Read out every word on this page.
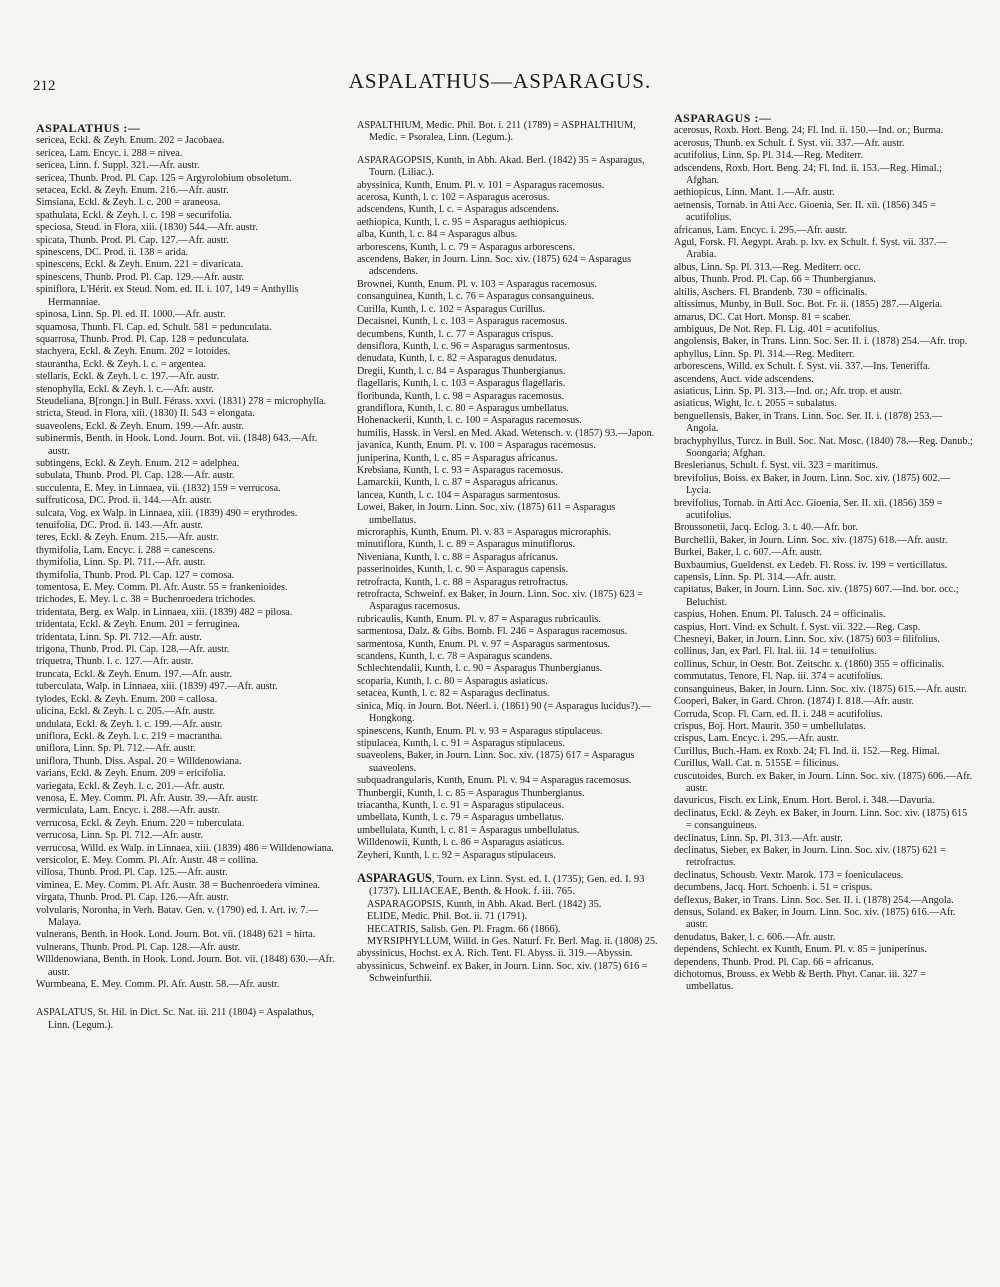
212	ASPALATHUS—ASPARAGUS.
ASPALATHUS :—
sericea, Eckl. & Zeyh. Enum. 202 = Jacobaea.
sericea, Lam. Encyc. i. 288 = nivea.
sericea, Linn. f. Suppl. 321.—Afr. austr.
sericea, Thunb. Prod. Pl. Cap. 125 = Argyrolobium obsoletum.
setacea, Eckl. & Zeyh. Enum. 216.—Afr. austr.
Simsiana, Eckl. & Zeyh. l. c. 200 = araneosa.
spathulata, Eckl. & Zeyh. l. c. 198 = securifolia.
speciosa, Steud. in Flora, xiii. (1830) 544.—Afr. austr.
spicata, Thunb. Prod. Pl. Cap. 127.—Afr. austr.
spinescens, DC. Prod. ii. 138 = arida.
spinescens, Eckl. & Zeyh. Enum. 221 = divaricata.
spinescens, Thunb. Prod. Pl. Cap. 129.—Afr. austr.
spiniflora, L'Hérit. ex Steud. Nom. ed. II. i. 107, 149 = Anthyllis Hermanniae.
spinosa, Linn. Sp. Pl. ed. II. 1000.—Afr. austr.
squamosa, Thunb. Fl. Cap. ed. Schult. 581 = pedunculata.
squarrosa, Thunb. Prod. Pl. Cap. 128 = pedunculata.
stachyera, Eckl. & Zeyh. Enum. 202 = lotoides.
staurantha, Eckl. & Zeyh. l. c. = argentea.
stellaris, Eckl. & Zeyh. l. c. 197.—Afr. austr.
stenophylla, Eckl. & Zeyh. l. c.—Afr. austr.
Steudeliana, B[rongn.] in Bull. Férass. xxvi. (1831) 278 = microphylla.
stricta, Steud. in Flora, xiii. (1830) II. 543 = elongata.
suaveolens, Eckl. & Zeyh. Enum. 199.—Afr. austr.
subinermis, Benth. in Hook. Lond. Journ. Bot. vii. (1848) 643.—Afr. austr.
subtingens, Eckl. & Zeyh. Enum. 212 = adelphea.
subulata, Thunb. Prod. Pl. Cap. 128.—Afr. austr.
succulenta, E. Mey. in Linnaea, vii. (1832) 159 = verrucosa.
suffruticosa, DC. Prod. ii. 144.—Afr. austr.
sulcata, Vog. ex Walp. in Linnaea, xiii. (1839) 490 = erythrodes.
tenuifolia, DC. Prod. ii. 143.—Afr. austr.
teres, Eckl. & Zeyh. Enum. 215.—Afr. austr.
thymifolia, Lam. Encyc. i. 288 = canescens.
thymifolia, Linn. Sp. Pl. 711.—Afr. austr.
thymifolia, Thunb. Prod. Pl. Cap. 127 = comosa.
tomentosa, E. Mey. Comm. Pl. Afr. Austr. 55 = frankenioides.
trichodes, E. Mey. l. c. 38 = Buchenroedera trichodes.
tridentata, Berg. ex Walp. in Linnaea, xiii. (1839) 482 = pilosa.
tridentata, Eckl. & Zeyh. Enum. 201 = ferruginea.
tridentata, Linn. Sp. Pl. 712.—Afr. austr.
trigona, Thunb. Prod. Pl. Cap. 128.—Afr. austr.
triquetra, Thunb. l. c. 127.—Afr. austr.
truncata, Eckl. & Zeyh. Enum. 197.—Afr. austr.
tuberculata, Walp. in Linnaea, xiii. (1839) 497.—Afr. austr.
tylodes, Eckl. & Zeyh. Enum. 200 = callosa.
ulicina, Eckl. & Zeyh. l. c. 205.—Afr. austr.
undulata, Eckl. & Zeyh. l. c. 199.—Afr. austr.
uniflora, Eckl. & Zeyh. l. c. 219 = macrantha.
uniflora, Linn. Sp. Pl. 712.—Afr. austr.
uniflora, Thunb. Diss. Aspal. 20 = Willdenowiana.
varians, Eckl. & Zeyh. Enum. 209 = ericifolia.
variegata, Eckl. & Zeyh. l. c. 201.—Afr. austr.
venosa, E. Mey. Comm. Pl. Afr. Austr. 39.—Afr. austr.
vermiculata, Lam. Encyc. i. 288.—Afr. austr.
verrucosa, Eckl. & Zeyh. Enum. 220 = tuberculata.
verrucosa, Linn. Sp. Pl. 712.—Afr. austr.
verrucosa, Willd. ex Walp. in Linnaea, xiii. (1839) 486 = Willdenowiana.
versicolor, E. Mey. Comm. Pl. Afr. Austr. 48 = collina.
villosa, Thunb. Prod. Pl. Cap. 125.—Afr. austr.
viminea, E. Mey. Comm. Pl. Afr. Austr. 38 = Buchenroedera viminea.
virgata, Thunb. Prod. Pl. Cap. 126.—Afr. austr.
volvularis, Noronha, in Verh. Batav. Gen. v. (1790) ed. I. Art. iv. 7.—Malaya.
vulnerans, Benth. in Hook. Lond. Journ. Bot. vii. (1848) 621 = hirta.
vulnerans, Thunb. Prod. Pl. Cap. 128.—Afr. austr.
Willdenowiana, Benth. in Hook. Lond. Journ. Bot. vii. (1848) 630.—Afr. austr.
Wurmbeana, E. Mey. Comm. Pl. Afr. Austr. 58.—Afr. austr.
ASPALATUS, St. Hil. in Dict. Sc. Nat. iii. 211 (1804) = Aspalathus, Linn. (Legum.).
ASPALTHIUM, Medic. Phil. Bot. i. 211 (1789) = ASPHALTHIUM, Medic. = Psoralea, Linn. (Legum.).
ASPARAGOPSIS, Kunth, in Abh. Akad. Berl. (1842) 35 = Asparagus, Tourn. (Liliac.).
abyssinica, Kunth, Enum. Pl. v. 101 = Asparagus racemosus.
acerosa, Kunth, l. c. 102 = Asparagus acerosus.
adscendens, Kunth, l. c. = Asparagus adscendens.
aethiopica, Kunth, l. c. 95 = Asparagus aethiopicus.
alba, Kunth, l. c. 84 = Asparagus albus.
arborescens, Kunth, l. c. 79 = Asparagus arborescens.
ascendens, Baker, in Journ. Linn. Soc. xiv. (1875) 624 = Asparagus adscendens.
Brownei, Kunth, Enum. Pl. v. 103 = Asparagus racemosus.
consanguinea, Kunth, l. c. 76 = Asparagus consanguineus.
Curilla, Kunth, l. c. 102 = Asparagus Curillus.
Decaisnei, Kunth, l. c. 103 = Asparagus racemosus.
decumbens, Kunth, l. c. 77 = Asparagus crispus.
densiflora, Kunth, l. c. 96 = Asparagus sarmentosus.
denudata, Kunth, l. c. 82 = Asparagus denudatus.
Dregii, Kunth, l. c. 84 = Asparagus Thunbergianus.
flagellaris, Kunth, l. c. 103 = Asparagus flagellaris.
floribunda, Kunth, l. c. 98 = Asparagus racemosus.
grandiflora, Kunth, l. c. 80 = Asparagus umbellatus.
Hohenackerii, Kunth, l. c. 100 = Asparagus racemosus.
humilis, Hassk. in Versl. en Med. Akad. Wetensch. v. (1857) 93.—Japon.
javanica, Kunth, Enum. Pl. v. 100 = Asparagus racemosus.
juniperina, Kunth, l. c. 85 = Asparagus africanus.
Krebsiana, Kunth, l. c. 93 = Asparagus racemosus.
Lamarckii, Kunth, l. c. 87 = Asparagus africanus.
lancea, Kunth, l. c. 104 = Asparagus sarmentosus.
Lowei, Baker, in Journ. Linn. Soc. xiv. (1875) 611 = Asparagus umbellatus.
microraphis, Kunth, Enum. Pl. v. 83 = Asparagus microraphis.
minutiflora, Kunth, l. c. 89 = Asparagus minutiflorus.
Niveniana, Kunth, l. c. 88 = Asparagus africanus.
passerinoides, Kunth, l. c. 90 = Asparagus capensis.
retrofracta, Kunth, l. c. 88 = Asparagus retrofractus.
retrofracta, Schweinf. ex Baker, in Journ. Linn. Soc. xiv. (1875) 623 = Asparagus racemosus.
rubricaulis, Kunth, Enum. Pl. v. 87 = Asparagus rubricaulis.
sarmentosa, Dalz. & Gibs. Bomb. Fl. 246 = Asparagus racemosus.
sarmentosa, Kunth, Enum. Pl. v. 97 = Asparagus sarmentosus.
scandens, Kunth, l. c. 78 = Asparagus scandens.
Schlechtendalii, Kunth, l. c. 90 = Asparagus Thunbergianus.
scoparia, Kunth, l. c. 80 = Asparagus asiaticus.
setacea, Kunth, l. c. 82 = Asparagus declinatus.
sinica, Miq. in Journ. Bot. Néerl. i. (1861) 90 (= Asparagus lucidus?).—Hongkong.
spinescens, Kunth, Enum. Pl. v. 93 = Asparagus stipulaceus.
stipulacea, Kunth, l. c. 91 = Asparagus stipulaceus.
suaveolens, Baker, in Journ. Linn. Soc. xiv. (1875) 617 = Asparagus suaveolens.
subquadrangularis, Kunth, Enum. Pl. v. 94 = Asparagus racemosus.
Thunbergii, Kunth, l. c. 85 = Asparagus Thunbergianus.
triacantha, Kunth, l. c. 91 = Asparagus stipulaceus.
umbellata, Kunth, l. c. 79 = Asparagus umbellatus.
umbellulata, Kunth, l. c. 81 = Asparagus umbellulatus.
Willdenowii, Kunth, l. c. 86 = Asparagus asiaticus.
Zeyheri, Kunth, l. c. 92 = Asparagus stipulaceus.
ASPARAGUS, Tourn. ex Linn. Syst. ed. I. (1735); Gen. ed. I. 93 (1737). LILIACEAE, Benth. & Hook. f. iii. 765.
ASPARAGOPSIS, Kunth, in Abh. Akad. Berl. (1842) 35.
ELIDE, Medic. Phil. Bot. ii. 71 (1791).
HECATRIS, Salisb. Gen. Pl. Fragm. 66 (1866).
MYRSIPHYLLUM, Willd. in Ges. Naturf. Fr. Berl. Mag. ii. (1808) 25.
abyssinicus, Hochst. ex A. Rich. Tent. Fl. Abyss. ii. 319.—Abyssin.
abyssinicus, Schweinf. ex Baker, in Journ. Linn. Soc. xiv. (1875) 616 = Schweinfurthii.
ASPARAGUS :—
acerosus, Roxb. Hort. Beng. 24; Fl. Ind. ii. 150.—Ind. or.; Burma.
acerosus, Thunb. ex Schult. f. Syst. vii. 337.—Afr. austr.
acutifolius, Linn. Sp. Pl. 314.—Reg. Mediterr.
adscendens, Roxb. Hort. Beng. 24; Fl. Ind. ii. 153.—Reg. Himal.; Afghan.
aethiopicus, Linn. Mant. 1.—Afr. austr.
aetnensis, Tornab. in Atti Acc. Gioenia, Ser. II. xii. (1856) 345 = acutifolius.
africanus, Lam. Encyc. i. 295.—Afr. austr.
Agul, Forsk. Fl. Aegypt. Arab. p. lxv. ex Schult. f. Syst. vii. 337.—Arabia.
albus, Linn. Sp. Pl. 313.—Reg. Mediterr. occ.
albus, Thunb. Prod. Pl. Cap. 66 = Thunbergianus.
altilis, Aschers. Fl. Brandenb. 730 = officinalis.
altissimus, Munby, in Bull. Soc. Bot. Fr. ii. (1855) 287.—Algeria.
amarus, DC. Cat Hort. Monsp. 81 = scaber.
ambiguus, De Not. Rep. Fl. Lig. 401 = acutifolius.
angolensis, Baker, in Trans. Linn. Soc. Ser. II. i. (1878) 254.—Afr. trop.
aphyllus, Linn. Sp. Pl. 314.—Reg. Mediterr.
arborescens, Willd. ex Schult. f. Syst. vii. 337.—Ins. Teneriffa.
ascendens, Auct. vide adscendens.
asiaticus, Linn. Sp. Pl. 313.—Ind. or.; Afr. trop. et austr.
asiaticus, Wight, Ic. t. 2055 = subalatus.
benguellensis, Baker, in Trans. Linn. Soc. Ser. II. i. (1878) 253.—Angola.
brachyphyllus, Turcz. in Bull. Soc. Nat. Mosc. (1840) 78.—Reg. Danub.; Soongaria; Afghan.
Breslerianus, Schult. f. Syst. vii. 323 = maritimus.
brevifolius, Boiss. ex Baker, in Journ. Linn. Soc. xiv. (1875) 602.—Lycia.
brevifolius, Tornab. in Atti Acc. Gioenia, Ser. II. xii. (1856) 359 = acutifolius.
Broussonetii, Jacq. Eclog. 3. t. 40.—Afr. bor.
Burchellii, Baker, in Journ. Linn. Soc. xiv. (1875) 618.—Afr. austr.
Burkei, Baker, l. c. 607.—Afr. austr.
Buxbaumius, Gueldenst. ex Ledeb. Fl. Ross. iv. 199 = verticillatus.
capensis, Linn. Sp. Pl. 314.—Afr. austr.
capitatus, Baker, in Journ. Linn. Soc. xiv. (1875) 607.—Ind. bor. occ.; Beluchist.
caspius, Hohen. Enum. Pl. Talusch. 24 = officinalis.
caspius, Hort. Vind. ex Schult. f. Syst. vii. 322.—Reg. Casp.
Chesneyi, Baker, in Journ. Linn. Soc. xiv. (1875) 603 = filifolius.
collinus, Jan, ex Parl. Fl. Ital. iii. 14 = tenuifolius.
collinus, Schur, in Oestr. Bot. Zeitschr. x. (1860) 355 = officinalis.
commutatus, Tenore, Fl. Nap. iii. 374 = acutifolius.
consanguineus, Baker, in Journ. Linn. Soc. xiv. (1875) 615.—Afr. austr.
Cooperi, Baker, in Gard. Chron. (1874) I. 818.—Afr. austr.
Corruda, Scop. Fl. Carn. ed. II. i. 248 = acutifolius.
crispus, Boj. Hort. Maurit. 350 = umbellulatus.
crispus, Lam. Encyc. i. 295.—Afr. austr.
Curillus, Buch.-Ham. ex Roxb. 24; Fl. Ind. ii. 152.—Reg. Himal.
Curillus, Wall. Cat. n. 5155E = filicinus.
cuscutoides, Burch. ex Baker, in Journ. Linn. Soc. xiv. (1875) 606.—Afr. austr.
davuricus, Fisch. ex Link, Enum. Hort. Berol. i. 348.—Davuria.
declinatus, Eckl. & Zeyh. ex Baker, in Journ. Linn. Soc. xiv. (1875) 615 = consanguineus.
declinatus, Linn. Sp. Pl. 313.—Afr. austr.
declinatus, Sieber, ex Baker, in Journ. Linn. Soc. xiv. (1875) 621 = retrofractus.
declinatus, Schousb. Vextr. Marok. 173 = foeniculaceus.
decumbens, Jacq. Hort. Schoenb. i. 51 = crispus.
deflexus, Baker, in Trans. Linn. Soc. Ser. II. i. (1878) 254.—Angola.
densus, Soland. ex Baker, in Journ. Linn. Soc. xiv. (1875) 616.—Afr. austr.
denudatus, Baker, l. c. 606.—Afr. austr.
dependens, Schlecht. ex Kunth, Enum. Pl. v. 85 = juniperinus.
dependens, Thunb. Prod. Pl. Cap. 66 = africanus.
dichotomus, Brouss. ex Webb & Berth. Phyt. Canar. iii. 327 = umbellatus.
